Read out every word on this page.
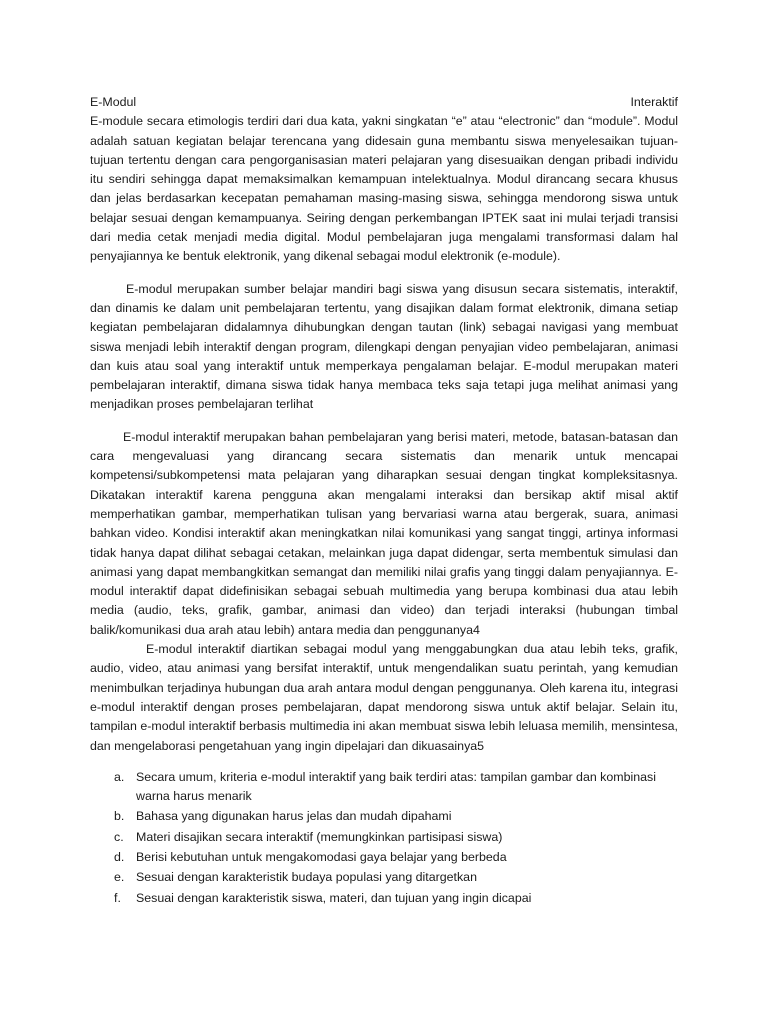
E-Modul	Interaktif

E-module secara etimologis terdiri dari dua kata, yakni singkatan “e” atau “electronic” dan “module”. Modul adalah satuan kegiatan belajar terencana yang didesain guna membantu siswa menyelesaikan tujuan-tujuan tertentu dengan cara pengorganisasian materi pelajaran yang disesuaikan dengan pribadi individu itu sendiri sehingga dapat memaksimalkan kemampuan intelektualnya. Modul dirancang secara khusus dan jelas berdasarkan kecepatan pemahaman masing-masing siswa, sehingga mendorong siswa untuk belajar sesuai dengan kemampuanya. Seiring dengan perkembangan IPTEK saat ini mulai terjadi transisi dari media cetak menjadi media digital. Modul pembelajaran juga mengalami transformasi dalam hal penyajiannya ke bentuk elektronik, yang dikenal sebagai modul elektronik (e-module).

E-modul merupakan sumber belajar mandiri bagi siswa yang disusun secara sistematis, interaktif, dan dinamis ke dalam unit pembelajaran tertentu, yang disajikan dalam format elektronik, dimana setiap kegiatan pembelajaran didalamnya dihubungkan dengan tautan (link) sebagai navigasi yang membuat siswa menjadi lebih interaktif dengan program, dilengkapi dengan penyajian video pembelajaran, animasi dan kuis atau soal yang interaktif untuk memperkaya pengalaman belajar. E-modul merupakan materi pembelajaran interaktif, dimana siswa tidak hanya membaca teks saja tetapi juga melihat animasi yang menjadikan proses pembelajaran terlihat

E-modul interaktif merupakan bahan pembelajaran yang berisi materi, metode, batasan-batasan dan cara mengevaluasi yang dirancang secara sistematis dan menarik untuk mencapai kompetensi/subkompetensi mata pelajaran yang diharapkan sesuai dengan tingkat kompleksitasnya. Dikatakan interaktif karena pengguna akan mengalami interaksi dan bersikap aktif misal aktif memperhatikan gambar, memperhatikan tulisan yang bervariasi warna atau bergerak, suara, animasi bahkan video. Kondisi interaktif akan meningkatkan nilai komunikasi yang sangat tinggi, artinya informasi tidak hanya dapat dilihat sebagai cetakan, melainkan juga dapat didengar, serta membentuk simulasi dan animasi yang dapat membangkitkan semangat dan memiliki nilai grafis yang tinggi dalam penyajiannya. E-modul interaktif dapat didefinisikan sebagai sebuah multimedia yang berupa kombinasi dua atau lebih media (audio, teks, grafik, gambar, animasi dan video) dan terjadi interaksi (hubungan timbal balik/komunikasi dua arah atau lebih) antara media dan penggunanya4

E-modul interaktif diartikan sebagai modul yang menggabungkan dua atau lebih teks, grafik, audio, video, atau animasi yang bersifat interaktif, untuk mengendalikan suatu perintah, yang kemudian menimbulkan terjadinya hubungan dua arah antara modul dengan penggunanya. Oleh karena itu, integrasi e-modul interaktif dengan proses pembelajaran, dapat mendorong siswa untuk aktif belajar. Selain itu, tampilan e-modul interaktif berbasis multimedia ini akan membuat siswa lebih leluasa memilih, mensintesa, dan mengelaborasi pengetahuan yang ingin dipelajari dan dikuasainya5

a. Secara umum, kriteria e-modul interaktif yang baik terdiri atas: tampilan gambar dan kombinasi warna harus menarik
b. Bahasa yang digunakan harus jelas dan mudah dipahami
c. Materi disajikan secara interaktif (memungkinkan partisipasi siswa)
d. Berisi kebutuhan untuk mengakomodasi gaya belajar yang berbeda
e. Sesuai dengan karakteristik budaya populasi yang ditargetkan
f.	Sesuai dengan karakteristik siswa, materi, dan tujuan yang ingin dicapai
